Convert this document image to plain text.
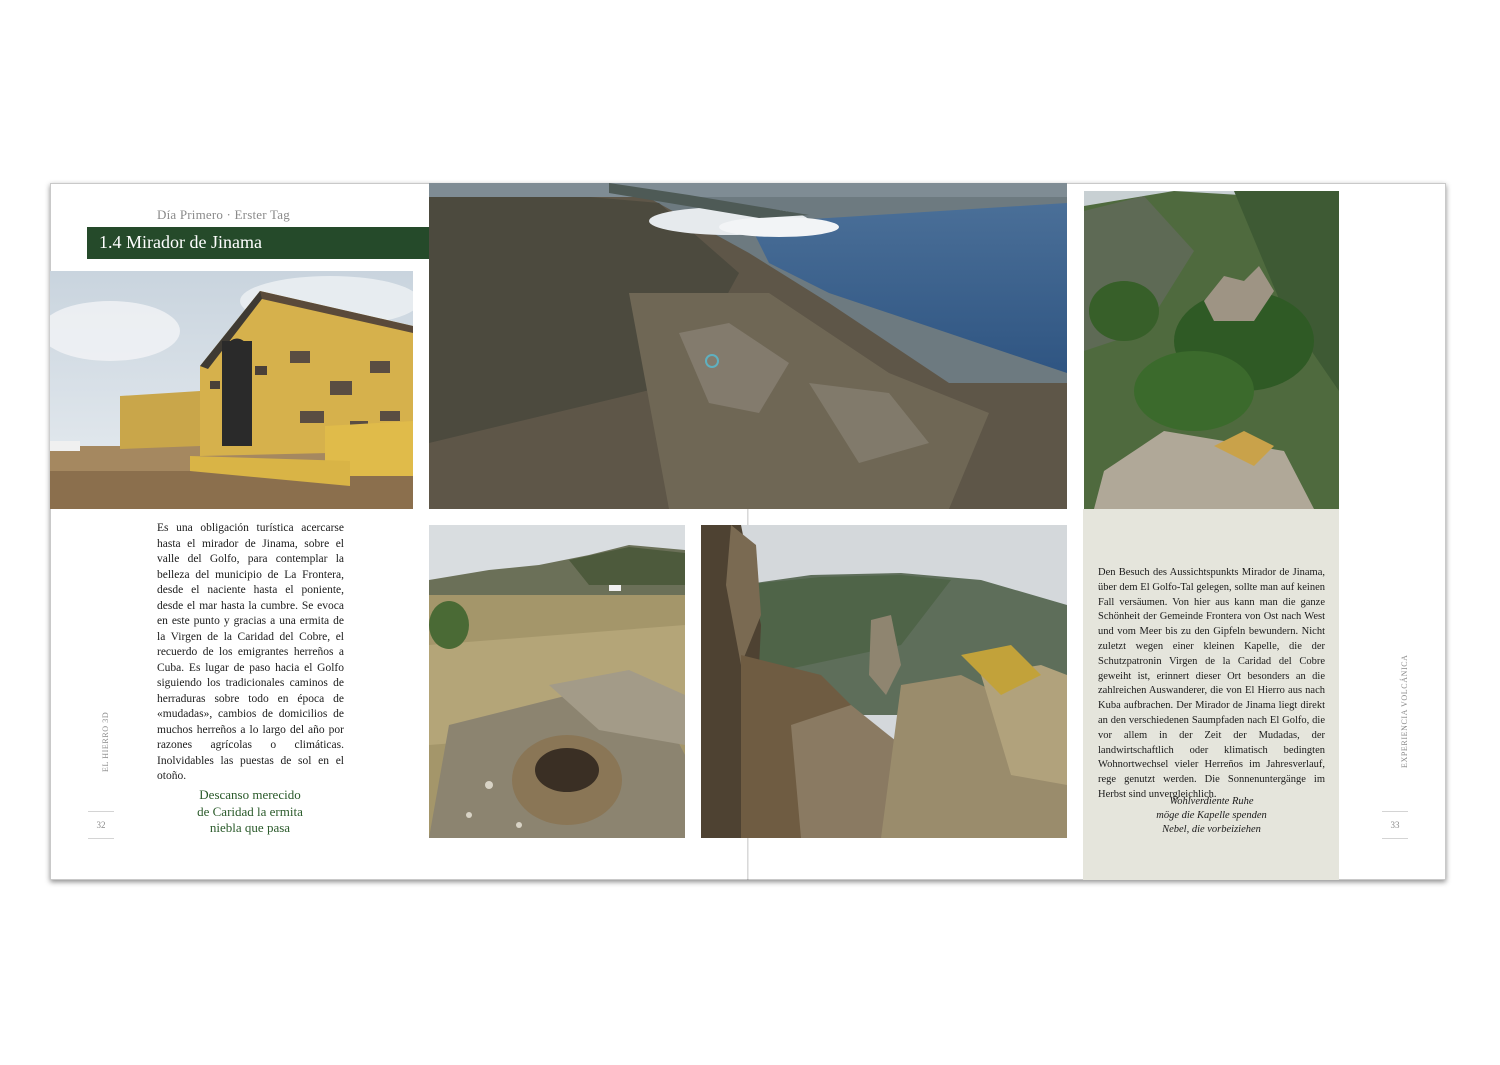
Día Primero · Erster Tag
1.4 Mirador de Jinama
Es una obligación turística acercarse hasta el mirador de Jinama, sobre el valle del Golfo, para contemplar la belleza del municipio de La Frontera, desde el naciente hasta el poniente, desde el mar hasta la cumbre. Se evoca en este punto y gracias a una ermita de la Virgen de la Caridad del Cobre, el recuerdo de los emigrantes herreños a Cuba. Es lugar de paso hacia el Golfo siguiendo los tradicionales caminos de herraduras sobre todo en época de «mudadas», cambios de domicilios de muchos herreños a lo largo del año por razones agrícolas o climáticas. Inolvidables las puestas de sol en el otoño.
Descanso merecido
de Caridad la ermita
niebla que pasa
Den Besuch des Aussichtspunkts Mirador de Jinama, über dem El Golfo-Tal gelegen, sollte man auf keinen Fall versäumen. Von hier aus kann man die ganze Schönheit der Gemeinde Frontera von Ost nach West und vom Meer bis zu den Gipfeln bewundern. Nicht zuletzt wegen einer kleinen Kapelle, die der Schutzpatronin Virgen de la Caridad del Cobre geweiht ist, erinnert dieser Ort besonders an die zahlreichen Auswanderer, die von El Hierro aus nach Kuba aufbrachen. Der Mirador de Jinama liegt direkt an den verschiedenen Saumpfaden nach El Golfo, die vor allem in der Zeit der Mudadas, der landwirtschaftlich oder klimatisch bedingten Wohnortwechsel vieler Herreños im Jahresverlauf, rege genutzt werden. Die Sonnenuntergänge im Herbst sind unvergleichlich.
Wohlverdiente Ruhe
möge die Kapelle spenden
Nebel, die vorbeiziehen
32
EXPERIENCIA VOLCÁNICA
33
